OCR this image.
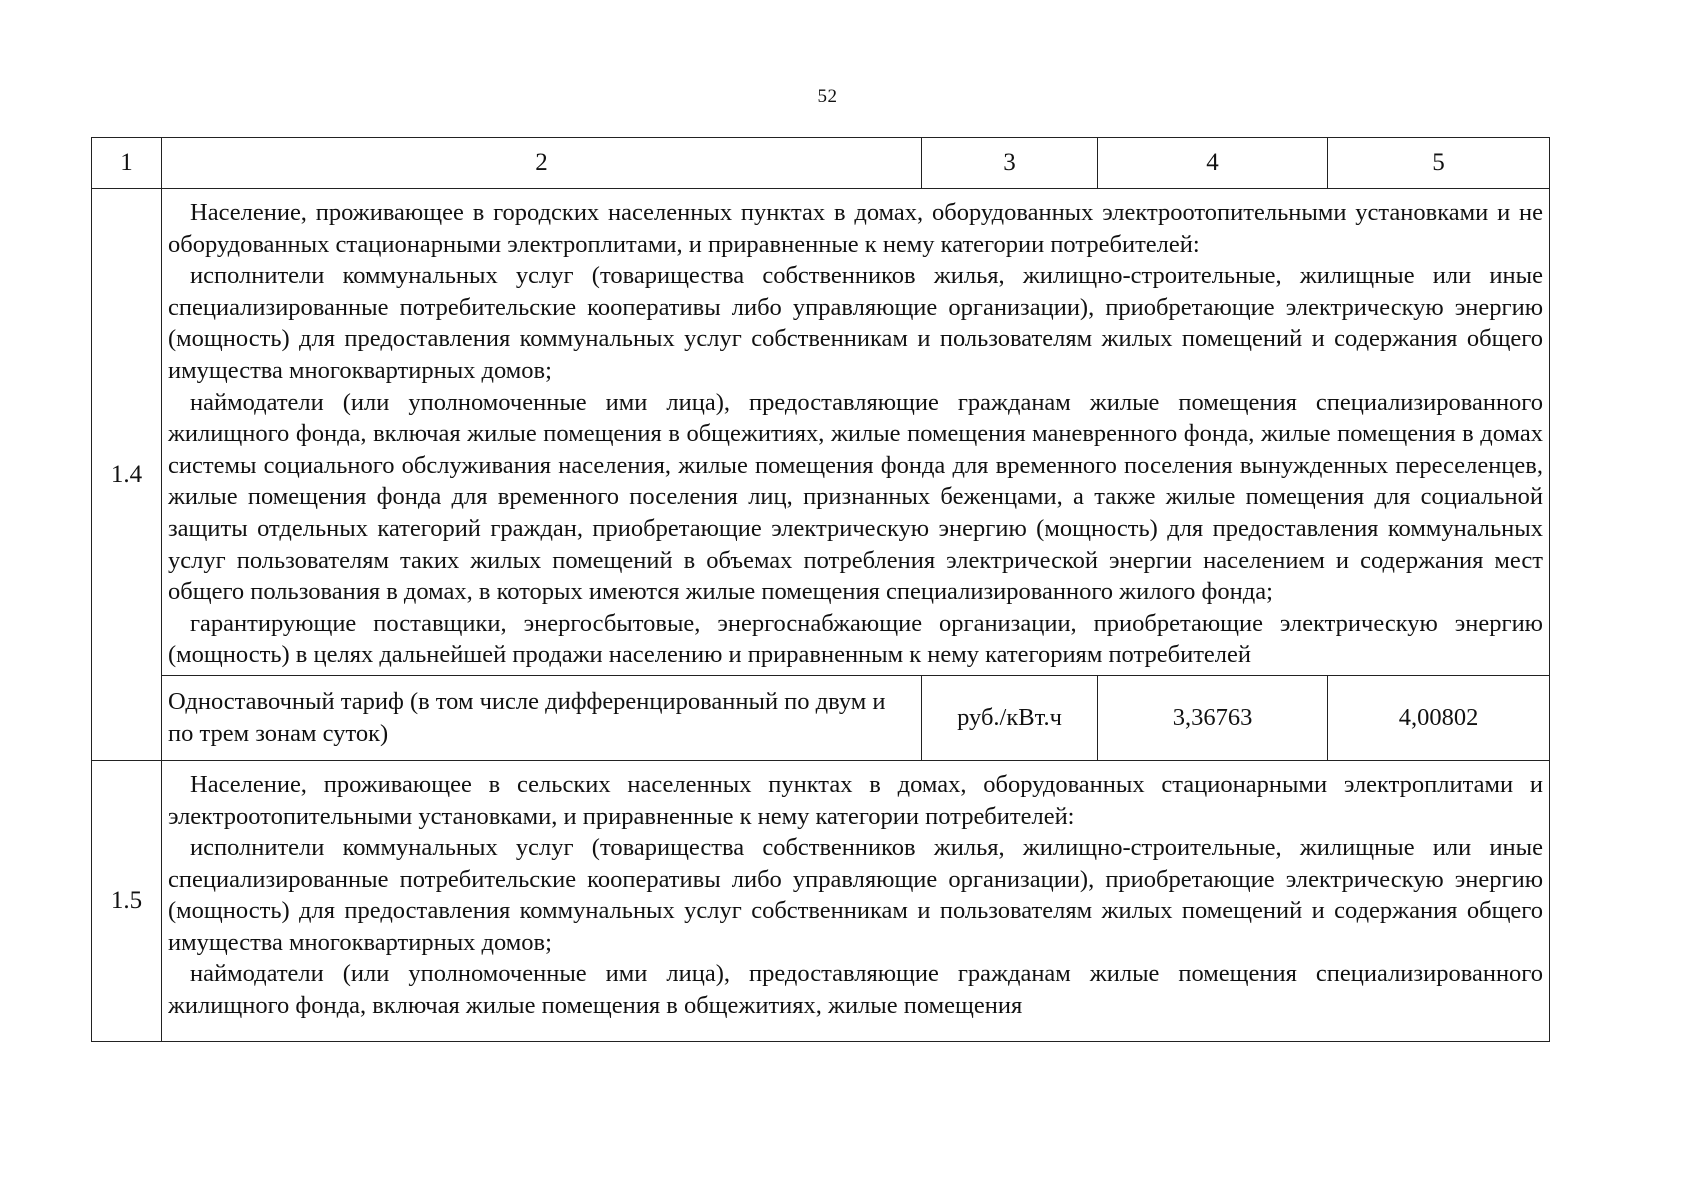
52
1	2	3	4	5
1.4	Население, проживающее в городских населенных пунктах в домах, оборудованных электроотопительными установками и не оборудованных стационарными электроплитами, и приравненные к нему категории потребителей:

исполнители коммунальных услуг (товарищества собственников жилья, жилищно-строительные, жилищные или иные специализированные потребительские кооперативы либо управляющие организации), приобретающие электрическую энергию (мощность) для предоставления коммунальных услуг собственникам и пользователям жилых помещений и содержания общего имущества многоквартирных домов;

наймодатели (или уполномоченные ими лица), предоставляющие гражданам жилые помещения специализированного жилищного фонда, включая жилые помещения в общежитиях, жилые помещения маневренного фонда, жилые помещения в домах системы социального обслуживания населения, жилые помещения фонда для временного поселения вынужденных переселенцев, жилые помещения фонда для временного поселения лиц, признанных беженцами, а также жилые помещения для социальной защиты отдельных категорий граждан, приобретающие электрическую энергию (мощность) для предоставления коммунальных услуг пользователям таких жилых помещений в объемах потребления электрической энергии населением и содержания мест общего пользования в домах, в которых имеются жилые помещения специализированного жилого фонда;

гарантирующие поставщики, энергосбытовые, энергоснабжающие организации, приобретающие электрическую энергию (мощность) в целях дальнейшей продажи населению и приравненным к нему категориям потребителей			

	Одноставочный тариф (в том числе дифференцированный по двум и по трем зонам суток)	руб./кВт.ч	3,36763	4,00802
1.5	Население, проживающее в сельских населенных пунктах в домах, оборудованных стационарными электроплитами и электроотопительными установками, и приравненные к нему категории потребителей:

исполнители коммунальных услуг (товарищества собственников жилья, жилищно-строительные, жилищные или иные специализированные потребительские кооперативы либо управляющие организации), приобретающие электрическую энергию (мощность) для предоставления коммунальных услуг собственникам и пользователям жилых помещений и содержания общего имущества многоквартирных домов;

наймодатели (или уполномоченные ими лица), предоставляющие гражданам жилые помещения специализированного жилищного фонда, включая жилые помещения в общежитиях, жилые помещения			
